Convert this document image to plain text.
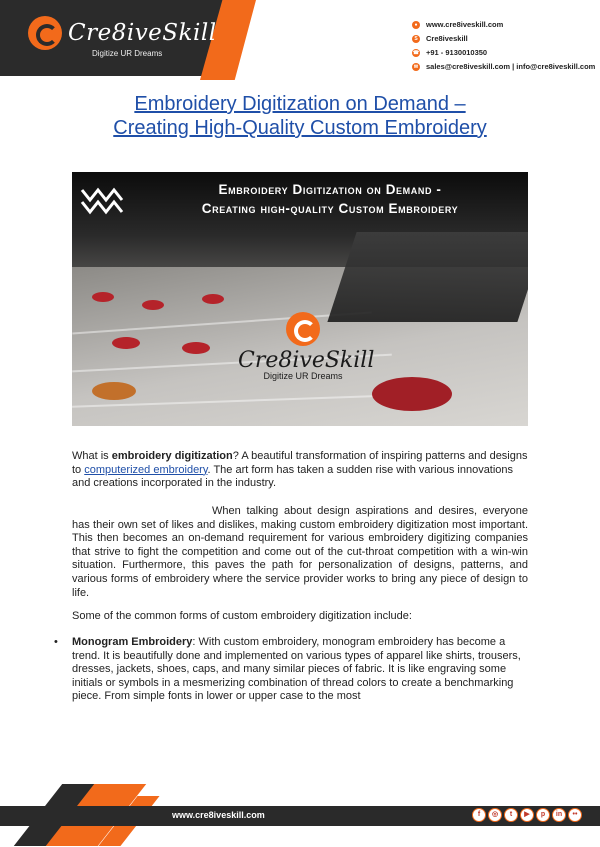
Cre8iveSkill
Digitize UR Dreams
●	www.cre8iveskill.com
S	Cre8iveskill
☎ +91 - 9130010350
✉ sales@cre8iveskill.com | info@cre8iveskill.com
Embroidery Digitization on Demand –
Creating High-Quality Custom Embroidery
Embroidery Digitization on Demand -
Creating high-quality Custom Embroidery
Cre8iveSkill
Digitize UR Dreams

What is embroidery digitization? A beautiful transformation of inspiring patterns and designs to computerized embroidery. The art form has taken a sudden rise with various innovations and creations incorporated in the industry.

When talking about design aspirations and desires, everyone has their own set of likes and dislikes, making custom embroidery digitization most important. This then becomes an on-demand requirement for various embroidery digitizing companies that strive to fight the competition and come out of the cut-throat competition with a win-win situation. Furthermore, this paves the path for personalization of designs, patterns, and various forms of embroidery where the service provider works to bring any piece of design to life.

Some of the common forms of custom embroidery digitization include:

• Monogram Embroidery: With custom embroidery, monogram embroidery has become a trend. It is beautifully done and implemented on various types of apparel like shirts, trousers, dresses, jackets, shoes, caps, and many similar pieces of fabric. It is like engraving some initials or symbols in a mesmerizing combination of thread colors to create a benchmarking piece. From simple fonts in lower or upper case to the most

www.cre8iveskill.com	f	◎	t	▶	p	in	••
